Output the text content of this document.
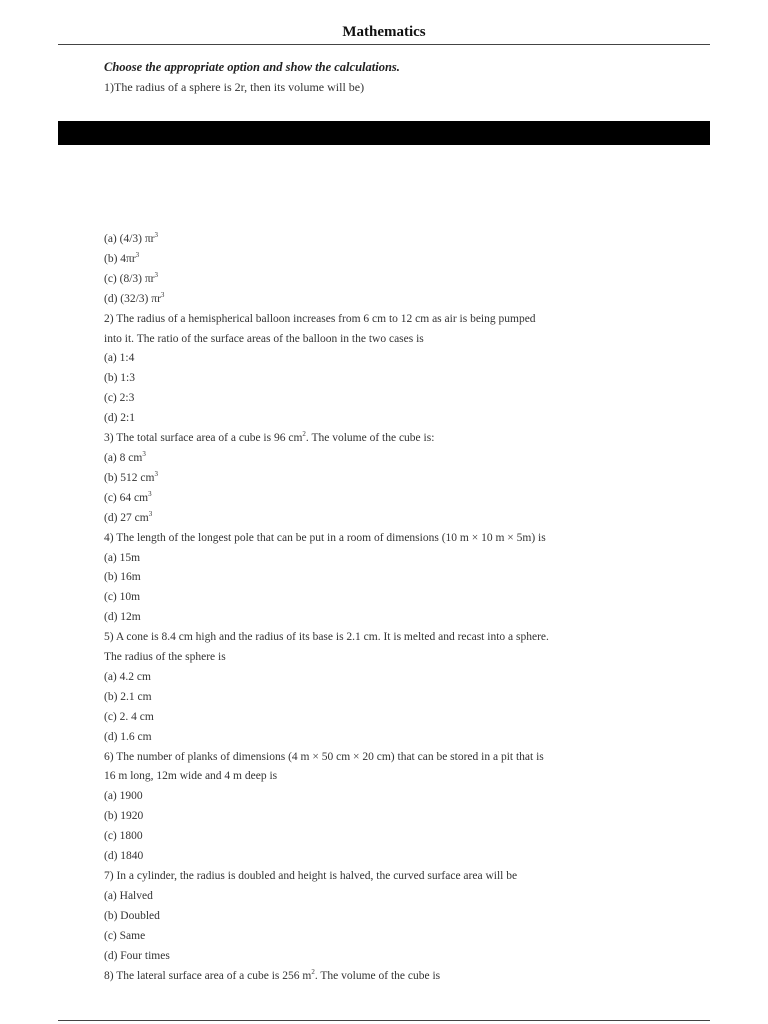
Mathematics
Choose the appropriate option and show the calculations.
1)The radius of a sphere is 2r, then its volume will be)
(a) (4/3) $\pi r^3$
(b) $4\pi r^3$
(c) (8/3) $\pi r^3$
(d) (32/3) $\pi r^3$
2) The radius of a hemispherical balloon increases from 6 cm to 12 cm as air is being pumped
into it. The ratio of the surface areas of the balloon in the two cases is
(a) 1:4
(b) 1:3
(c) 2:3
(d) 2:1
3) The total surface area of a cube is 96 $cm^2$. The volume of the cube is:
(a) 8 $cm^3$
(b) 512 $cm^3$
(c) 64 $cm^3$
(d) 27 $cm^3$
4) The length of the longest pole that can be put in a room of dimensions (10 m × 10 m × 5m) is
(a) 15m
(b) 16m
(c) 10m
(d) 12m
5) A cone is 8.4 cm high and the radius of its base is 2.1 cm. It is melted and recast into a sphere.
The radius of the sphere is
(a) 4.2 cm
(b) 2.1 cm
(c) 2. 4 cm
(d) 1.6 cm
6) The number of planks of dimensions (4 m × 50 cm × 20 cm) that can be stored in a pit that is
16 m long, 12m wide and 4 m deep is
(a) 1900
(b) 1920
(c) 1800
(d) 1840
7) In a cylinder, the radius is doubled and height is halved, the curved surface area will be
(a) Halved
(b) Doubled
(c) Same
(d) Four times
8) The lateral surface area of a cube is 256 $m^2$. The volume of the cube is
